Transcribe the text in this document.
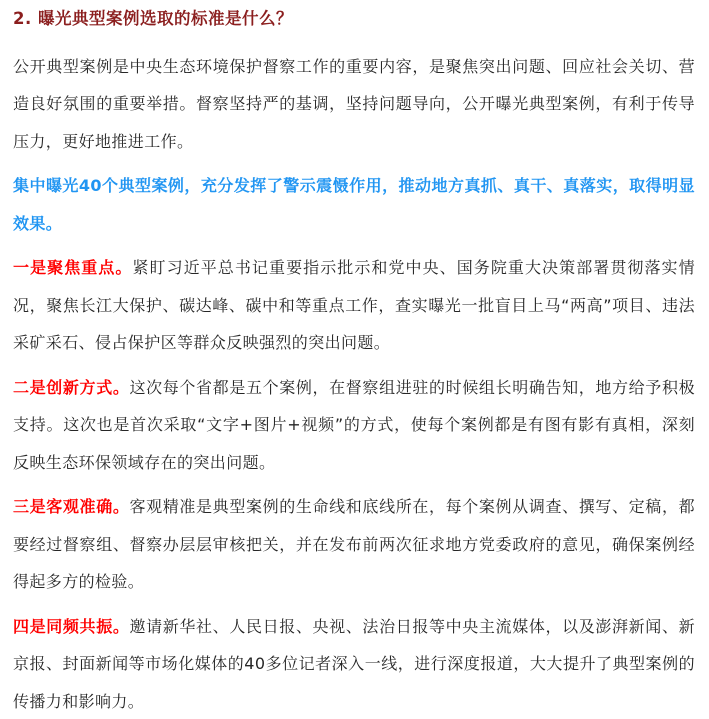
2. 曝光典型案例选取的标准是什么？

公开典型案例是中央生态环境保护督察工作的重要内容，是聚焦突出问题、回应社会关切、营造良好氛围的重要举措。督察坚持严的基调，坚持问题导向，公开曝光典型案例，有利于传导压力，更好地推进工作。

集中曝光40个典型案例，充分发挥了警示震慑作用，推动地方真抓、真干、真落实，取得明显效果。

一是聚焦重点。紧盯习近平总书记重要指示批示和党中央、国务院重大决策部署贯彻落实情况，聚焦长江大保护、碳达峰、碳中和等重点工作，查实曝光一批盲目上马“两高”项目、违法采矿采石、侵占保护区等群众反映强烈的突出问题。

二是创新方式。这次每个省都是五个案例，在督察组进驻的时候组长明确告知，地方给予积极支持。这次也是首次采取“文字+图片+视频”的方式，使每个案例都是有图有影有真相，深刻反映生态环保领域存在的突出问题。

三是客观准确。客观精准是典型案例的生命线和底线所在，每个案例从调查、撰写、定稿，都要经过督察组、督察办层层审核把关，并在发布前两次征求地方党委政府的意见，确保案例经得起多方的检验。

四是同频共振。邀请新华社、人民日报、央视、法治日报等中央主流媒体，以及澎湃新闻、新京报、封面新闻等市场化媒体的40多位记者深入一线，进行深度报道，大大提升了典型案例的传播力和影响力。
